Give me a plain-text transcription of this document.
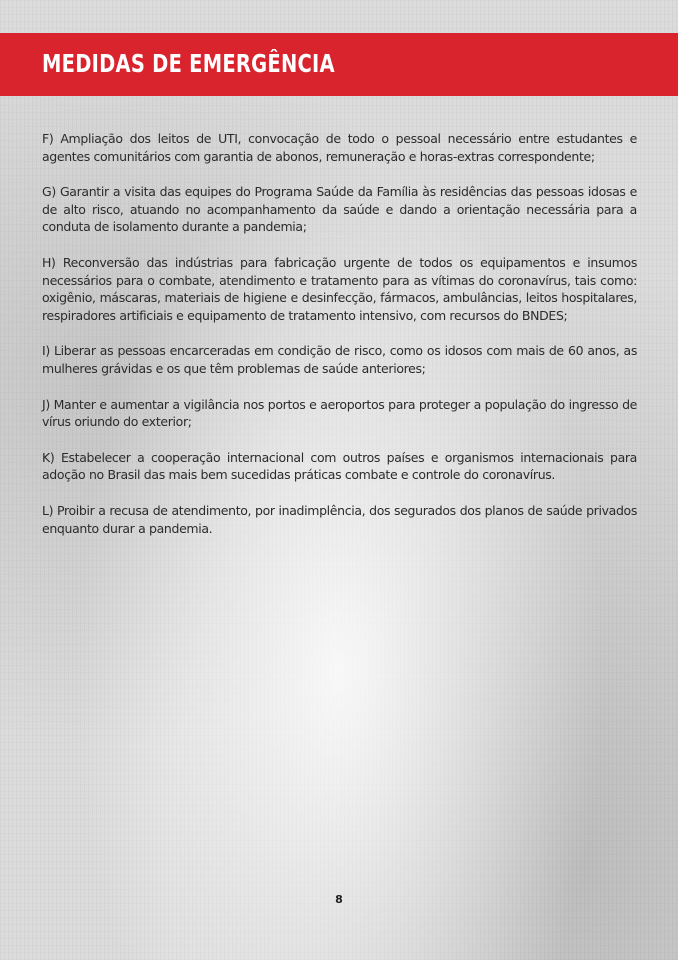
MEDIDAS DE EMERGÊNCIA

F) Ampliação dos leitos de UTI, convocação de todo o pessoal necessário entre estudantes e agentes comunitários com garantia de abonos, remuneração e horas-extras correspondente;

G) Garantir a visita das equipes do Programa Saúde da Família às residências das pessoas idosas e de alto risco, atuando no acompanhamento da saúde e dando a orientação necessária para a conduta de isolamento durante a pandemia;

H) Reconversão das indústrias para fabricação urgente de todos os equipamentos e insumos necessários para o combate, atendimento e tratamento para as vítimas do coronavírus, tais como: oxigênio, máscaras, materiais de higiene e desinfecção, fármacos, ambulâncias, leitos hospitalares, respiradores artificiais e equipamento de tratamento intensivo, com recursos do BNDES;

I) Liberar as pessoas encarceradas em condição de risco, como os idosos com mais de 60 anos, as mulheres grávidas e os que têm problemas de saúde anteriores;

J) Manter e aumentar a vigilância nos portos e aeroportos para proteger a população do ingresso de vírus oriundo do exterior;

K) Estabelecer a cooperação internacional com outros países e organismos internacionais para adoção no Brasil das mais bem sucedidas práticas combate e controle do coronavírus.

L) Proibir a recusa de atendimento, por inadimplência, dos segurados dos planos de saúde privados enquanto durar a pandemia.

8
